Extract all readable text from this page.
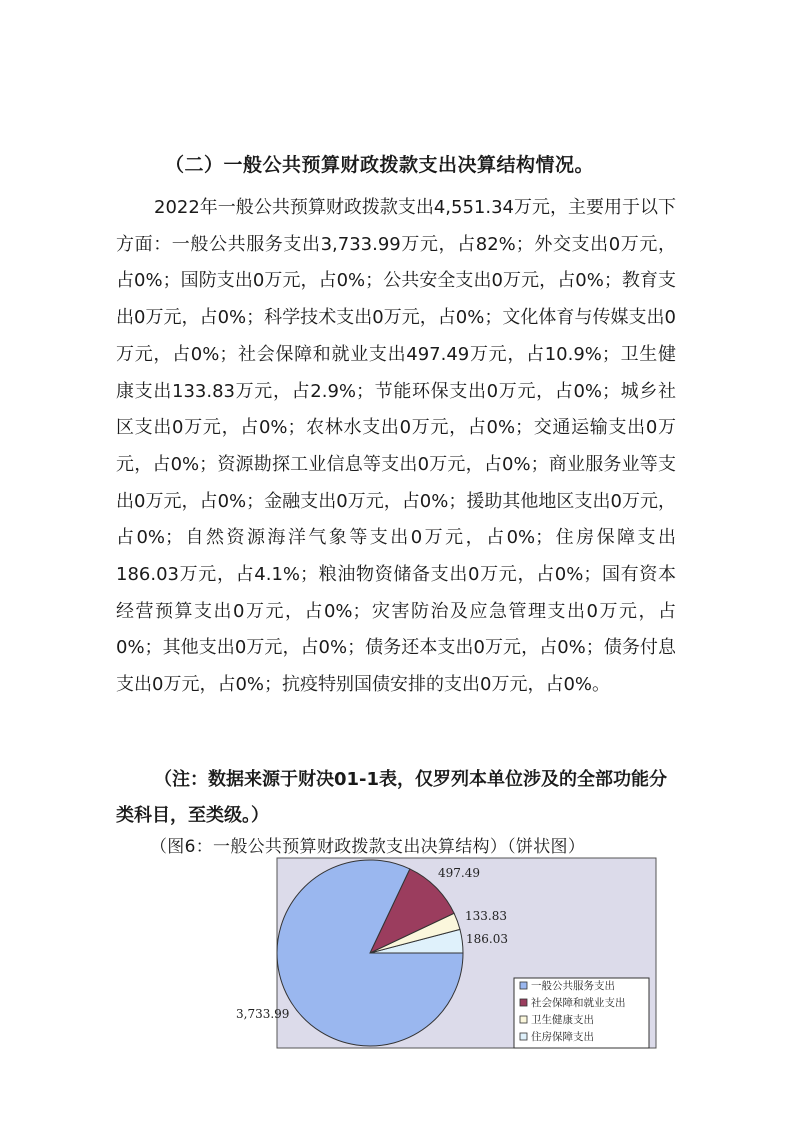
（二）一般公共预算财政拨款支出决算结构情况。

2022年一般公共预算财政拨款支出4,551.34万元，主要用于以下方面：一般公共服务支出3,733.99万元，占82%；外交支出0万元，占0%；国防支出0万元，占0%；公共安全支出0万元，占0%；教育支出0万元，占0%；科学技术支出0万元，占0%；文化体育与传媒支出0万元，占0%；社会保障和就业支出497.49万元，占10.9%；卫生健康支出133.83万元，占2.9%；节能环保支出0万元，占0%；城乡社区支出0万元，占0%；农林水支出0万元，占0%；交通运输支出0万元，占0%；资源勘探工业信息等支出0万元，占0%；商业服务业等支出0万元，占0%；金融支出0万元，占0%；援助其他地区支出0万元，占0%；自然资源海洋气象等支出0万元，占0%；住房保障支出186.03万元，占4.1%；粮油物资储备支出0万元，占0%；国有资本经营预算支出0万元，占0%；灾害防治及应急管理支出0万元，占0%；其他支出0万元，占0%；债务还本支出0万元，占0%；债务付息支出0万元，占0%；抗疫特别国债安排的支出0万元，占0%。

（注：数据来源于财决01-1表，仅罗列本单位涉及的全部功能分类科目，至类级。）

（图6：一般公共预算财政拨款支出决算结构）（饼状图）
3,733.99
497.49
133.83
186.03
一般公共服务支出
社会保障和就业支出
卫生健康支出
住房保障支出
